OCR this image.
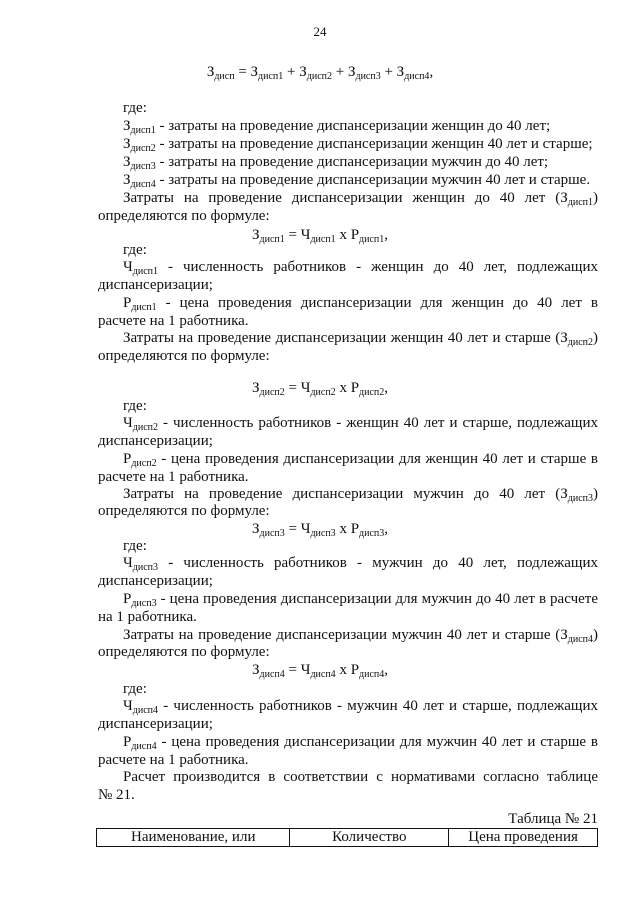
24
$З_{дисп} = З_{дисп1} + З_{дисп2} + З_{дисп3} + З_{дисп4}$,
где:
$З_{дисп1}$ - затраты на проведение диспансеризации женщин до 40 лет;
$З_{дисп2}$ - затраты на проведение диспансеризации женщин 40 лет и старше;
$З_{дисп3}$ - затраты на проведение диспансеризации мужчин до 40 лет;
$З_{дисп4}$ - затраты на проведение диспансеризации мужчин 40 лет и старше.
Затраты на проведение диспансеризации женщин до 40 лет $(З_{дисп1})$
определяются по формуле:
$З_{дисп1} = Ч_{дисп1}$ х $Р_{дисп1}$,
где:
$Ч_{дисп1}$ - численность работников - женщин до 40 лет, подлежащих
диспансеризации;
$Р_{дисп1}$ - цена проведения диспансеризации для женщин до 40 лет в
расчете на 1 работника.
Затраты на проведение диспансеризации женщин 40 лет и старше $(З_{дисп2})$
определяются по формуле:
$З_{дисп2} = Ч_{дисп2}$ х $Р_{дисп2}$,
где:
$Ч_{дисп2}$ - численность работников - женщин 40 лет и старше, подлежащих
диспансеризации;
$Р_{дисп2}$ - цена проведения диспансеризации для женщин 40 лет и старше в
расчете на 1 работника.
Затраты на проведение диспансеризации мужчин до 40 лет $(З_{дисп3})$
определяются по формуле:
$З_{дисп3} = Ч_{дисп3}$ х $Р_{дисп3}$,
где:
$Ч_{дисп3}$ - численность работников - мужчин до 40 лет, подлежащих
диспансеризации;
$Р_{дисп3}$ - цена проведения диспансеризации для мужчин до 40 лет в расчете
на 1 работника.
Затраты на проведение диспансеризации мужчин 40 лет и старше $(З_{дисп4})$
определяются по формуле:
$З_{дисп4} = Ч_{дисп4}$ х $Р_{дисп4}$,
где:
$Ч_{дисп4}$ - численность работников - мужчин 40 лет и старше, подлежащих
диспансеризации;
$Р_{дисп4}$ - цена проведения диспансеризации для мужчин 40 лет и старше в
расчете на 1 работника.
Расчет производится в соответствии с нормативами согласно таблице
№ 21.
Таблица № 21
Наименование, или	Количество	Цена проведения
